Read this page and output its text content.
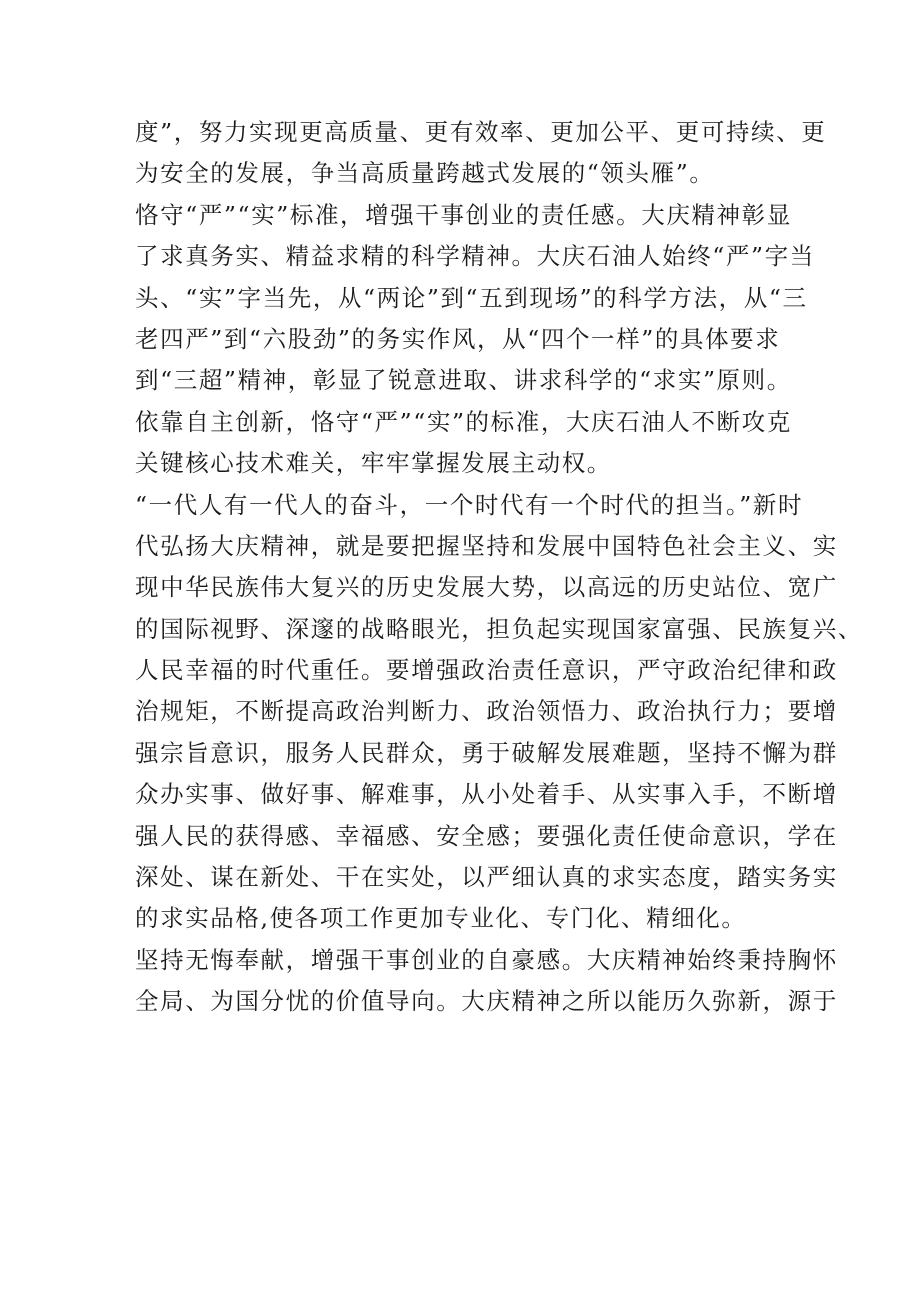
度”，努力实现更高质量、更有效率、更加公平、更可持续、更
为安全的发展，争当高质量跨越式发展的“领头雁”。
恪守“严”“实”标准，增强干事创业的责任感。大庆精神彰显
了求真务实、精益求精的科学精神。大庆石油人始终“严”字当
头、“实”字当先，从“两论”到“五到现场”的科学方法，从“三
老四严”到“六股劲”的务实作风，从“四个一样”的具体要求
到“三超”精神，彰显了锐意进取、讲求科学的“求实”原则。
依靠自主创新，恪守“严”“实”的标准，大庆石油人不断攻克
关键核心技术难关，牢牢掌握发展主动权。
“一代人有一代人的奋斗，一个时代有一个时代的担当。”新时
代弘扬大庆精神，就是要把握坚持和发展中国特色社会主义、实
现中华民族伟大复兴的历史发展大势，以高远的历史站位、宽广
的国际视野、深邃的战略眼光，担负起实现国家富强、民族复兴、
人民幸福的时代重任。要增强政治责任意识，严守政治纪律和政
治规矩，不断提高政治判断力、政治领悟力、政治执行力；要增
强宗旨意识，服务人民群众，勇于破解发展难题，坚持不懈为群
众办实事、做好事、解难事，从小处着手、从实事入手，不断增
强人民的获得感、幸福感、安全感；要强化责任使命意识，学在
深处、谋在新处、干在实处，以严细认真的求实态度，踏实务实
的求实品格,使各项工作更加专业化、专门化、精细化。
坚持无悔奉献，增强干事创业的自豪感。大庆精神始终秉持胸怀
全局、为国分忧的价值导向。大庆精神之所以能历久弥新，源于
